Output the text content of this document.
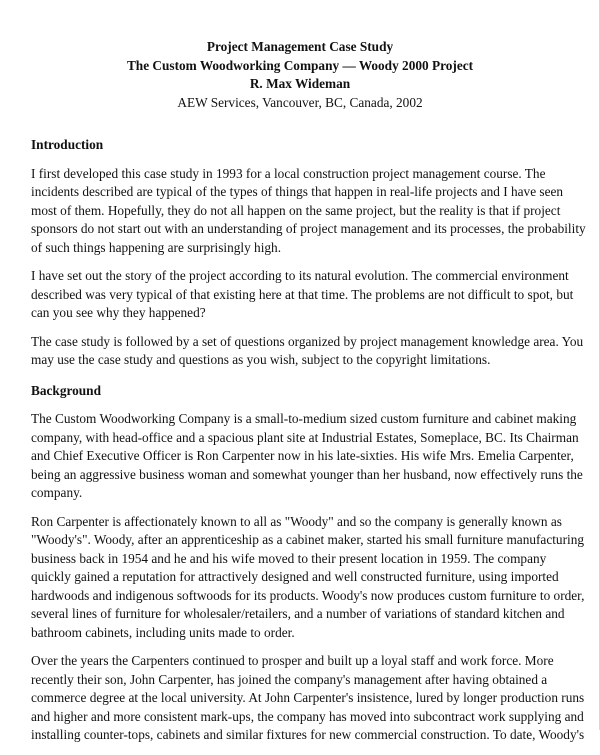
Project Management Case Study
The Custom Woodworking Company — Woody 2000 Project
R. Max Wideman
AEW Services, Vancouver, BC, Canada, 2002
Introduction
I first developed this case study in 1993 for a local construction project management course. The
incidents described are typical of the types of things that happen in real-life projects and I have seen
most of them. Hopefully, they do not all happen on the same project, but the reality is that if project
sponsors do not start out with an understanding of project management and its processes, the probability
of such things happening are surprisingly high.
I have set out the story of the project according to its natural evolution. The commercial environment
described was very typical of that existing here at that time. The problems are not difficult to spot, but
can you see why they happened?
The case study is followed by a set of questions organized by project management knowledge area. You
may use the case study and questions as you wish, subject to the copyright limitations.
Background
The Custom Woodworking Company is a small-to-medium sized custom furniture and cabinet making
company, with head-office and a spacious plant site at Industrial Estates, Someplace, BC. Its Chairman
and Chief Executive Officer is Ron Carpenter now in his late-sixties. His wife Mrs. Emelia Carpenter,
being an aggressive business woman and somewhat younger than her husband, now effectively runs the
company.
Ron Carpenter is affectionately known to all as "Woody" and so the company is generally known as
"Woody's". Woody, after an apprenticeship as a cabinet maker, started his small furniture manufacturing
business back in 1954 and he and his wife moved to their present location in 1959. The company
quickly gained a reputation for attractively designed and well constructed furniture, using imported
hardwoods and indigenous softwoods for its products. Woody's now produces custom furniture to order,
several lines of furniture for wholesaler/retailers, and a number of variations of standard kitchen and
bathroom cabinets, including units made to order.
Over the years the Carpenters continued to prosper and built up a loyal staff and work force. More
recently their son, John Carpenter, has joined the company's management after having obtained a
commerce degree at the local university. At John Carpenter's insistence, lured by longer production runs
and higher and more consistent mark-ups, the company has moved into subcontract work supplying and
installing counter-tops, cabinets and similar fixtures for new commercial construction. To date, Woody's
